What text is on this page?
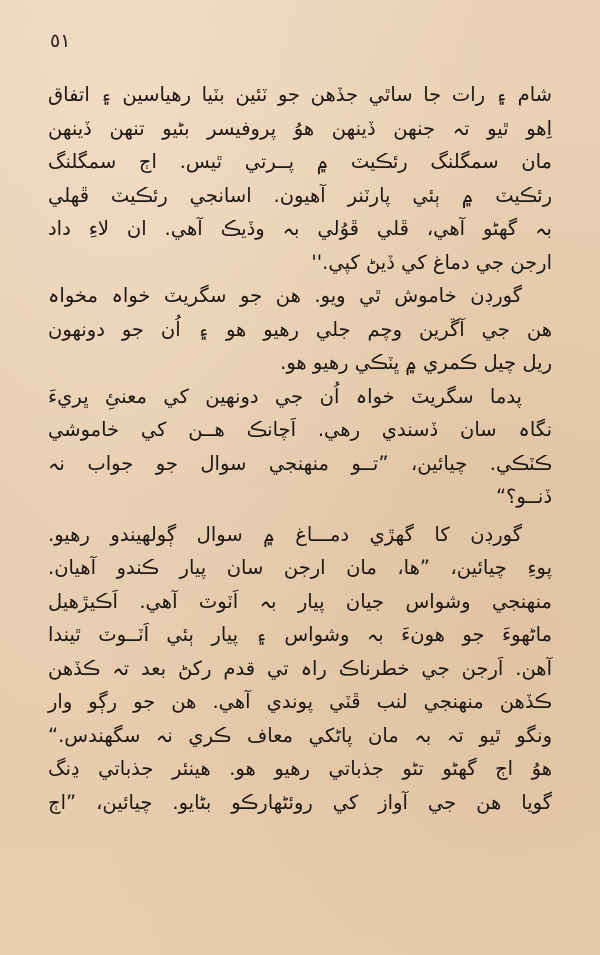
٥١
شام ۽ رات جا ساٿي جڏهن جو ٽئين بٽيا رهياسين ۽ اتفاق
اِهو ٿيو تہ جنهن ڏينهن هوُ پروفيسر بڻيو تنهن ڏينهن
مان سمگلنگ رئڪيٽ ۾ پــرتي ٿيس. اڄ سمگلنگ
رئڪيٽ ۾ ٻئي پارٽنر آهيون. اسانجي رئڪيٽ ڦهلي
بہ گهڻو آهي، ڦلي ڦوُلي بہ وڏيڪ آهي. ان لاءِ داد
ارجن جي دماغ کي ڏيڻ کپي.''
گورڊن خاموش ٿي ويو. هن جو سگريٽ خواہ مخواہ
هن جي آڱرين وچم جلي رهيو هو ۽ اُن جو دونهون
ريل چيل ڪمري ۾ ڀٽڪي رهيو هو.
پدما سگريٽ خواہ اُن جي دونهين کي معنئِ ڀريءَ
نگاہ سان ڏسندي رهي. اَچانڪ هــن کي خاموشي
ڪٽڪي. چيائين، ”تــو منهنجي سوال جو جواب نہ
ڏنــو؟“
گورڊن کا گهڙي دمـــاغ ۾ سوال ڳولهيندو رهيو.
پوءِ چيائين، ”ها، مان ارجن سان پيار ڪندو آهيان.
منهنجي وشواس جيان پيار بہ اَٽوٽ آهي. اَڪيڙهيل
ماڻهوءَ جو هونءَ بہ وشواس ۽ پيار ٻئي اَٽــوٽ ٿيندا
آهن. اَرجن جي خطرناڪ راہ تي قدم رکڻ بعد تہ ڪڏهن
ڪڏهن منهنجي لنب ڦٽي پوندي آهي. هن جو رڳو وار
ونگو ٿيو تہ بہ مان پاڻکي معاف ڪري نہ سگهندس.“
هوُ اڄ گهڻو تڻو جذباتي رهيو هو. هينئر جذباتي ڍنگ
گويا هن جي آواز کي روئڻهارڪو بڻايو. چيائين، ”اڄ
